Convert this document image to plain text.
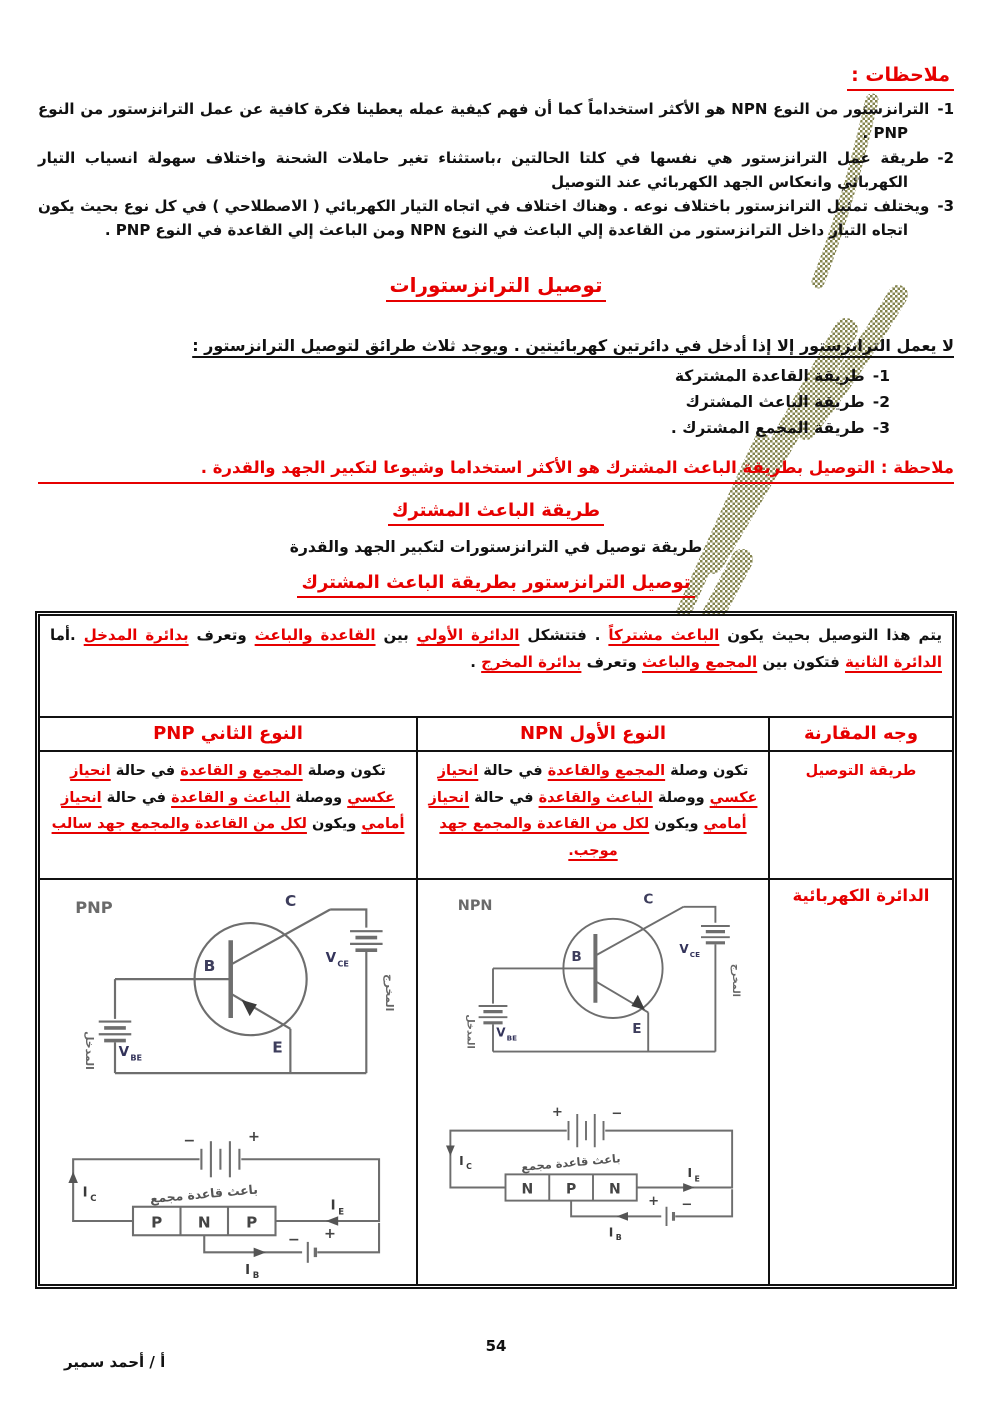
ملاحظات :
1-الترانزستور من النوع NPN هو الأكثر استخداماً كما أن فهم كيفية عمله يعطينا فكرة كافية عن عمل الترانزستور من النوع PNP .
2-طريقة عمل الترانزستور هي نفسها في كلتا الحالتين ،باستثناء تغير حاملات الشحنة واختلاف سهولة انسياب التيار الكهربائي وانعكاس الجهد الكهربائي عند التوصيل
3-ويختلف تمثيل الترانزستور باختلاف نوعه . وهناك اختلاف في اتجاه التيار الكهربائي ( الاصطلاحي ) في كل نوع بحيث يكون اتجاه التيار داخل الترانزستور من القاعدة إلي الباعث في النوع NPN ومن الباعث إلي القاعدة في النوع PNP .
توصيل الترانزستورات
لا يعمل الترانزستور إلا إذا أدخل في دائرتين كهربائيتين . ويوجد ثلاث طرائق لتوصيل الترانزستور :
1-طريقة القاعدة المشتركة
2-طريقة الباعث المشترك
3-طريقة المجمع المشترك .
ملاحظة : التوصيل بطريقة الباعث المشترك هو الأكثر استخداما وشيوعا لتكبير الجهد والقدرة .
طريقة الباعث المشترك
طريقة توصيل في الترانزستورات لتكبير الجهد والقدرة
توصيل الترانزستور بطريقة الباعث المشترك
يتم هذا التوصيل بحيث يكون الباعث مشتركاً . فتتشكل الدائرة الأولي بين القاعدة والباعث وتعرف بدائرة المدخل .أما الدائرة الثانية فتكون بين المجمع والباعث وتعرف بدائرة المخرج .		
وجه المقارنة	النوع الأول NPN	النوع الثاني PNP
طريقة التوصيل	تكون وصلة المجمع والقاعدة في حالة انحياز عكسي ووصلة الباعث والقاعدة في حالة انحياز أمامي ويكون لكل من القاعدة والمجمع جهد موجب.	تكون وصلة المجمع و القاعدة في حالة انحياز عكسي ووصلة الباعث و القاعدة في حالة انحياز أمامي ويكون لكل من القاعدة والمجمع جهد سالب
الدائرة الكهربائية	
NPN
B
C
E
V CE
V BE
المدخل
المخرج
I C	I E
I B
N P N
باعث قاعدة مجمع
+	−
+ −

PNP
B
C
E
V CE
V BE
المدخل
المخرج
I C	I E
I B
P N P
باعث قاعدة مجمع
−	+
− +
54
أ / أحمد سمير
